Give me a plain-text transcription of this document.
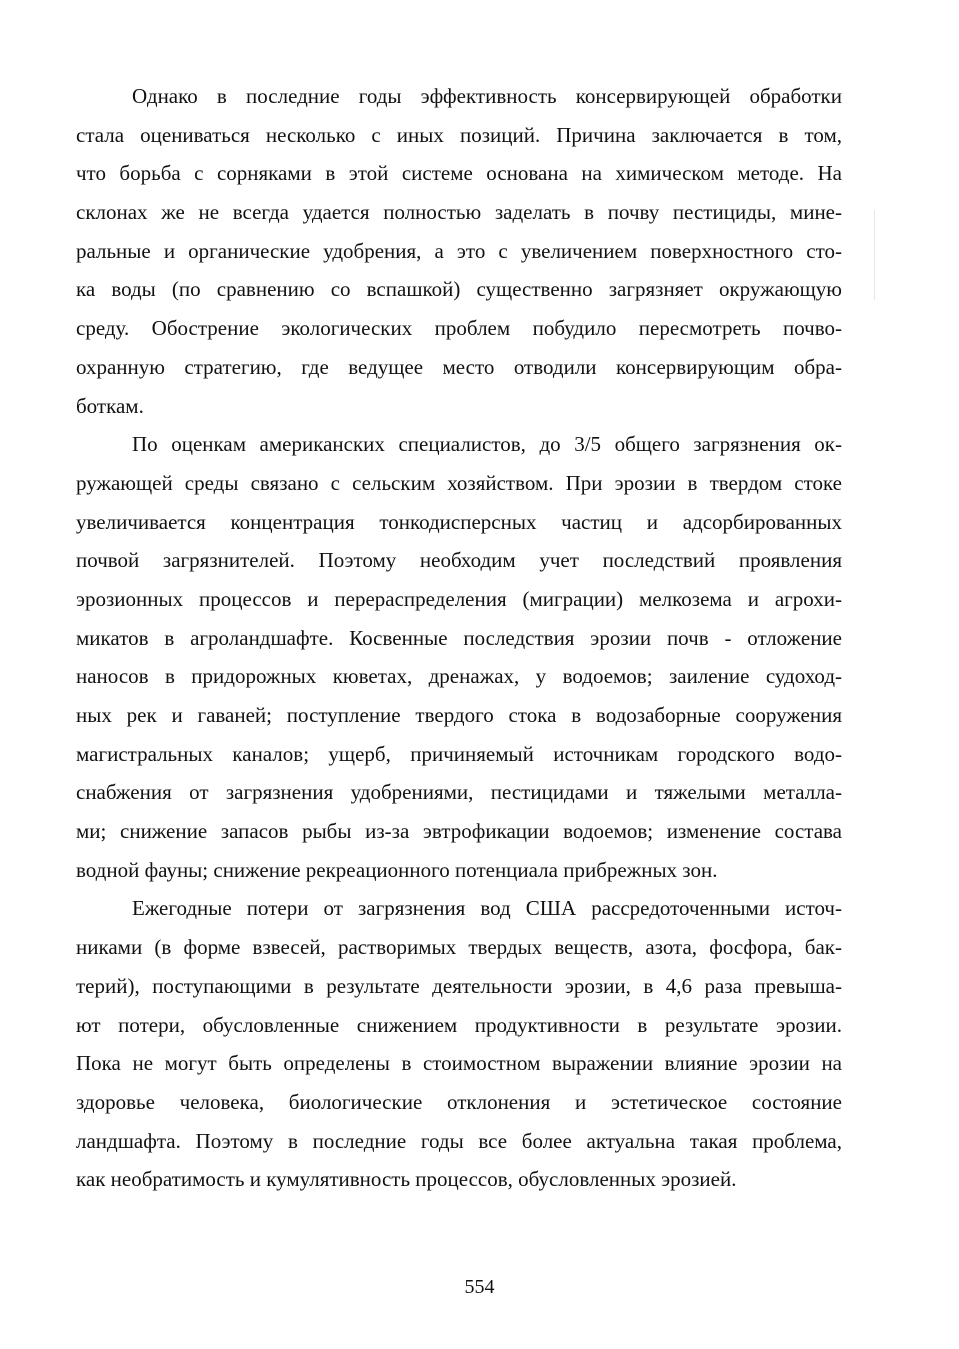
Однако в последние годы эффективность консервирующей обработки
стала оцениваться несколько с иных позиций. Причина заключается в том,
что борьба с сорняками в этой системе основана на химическом методе. На
склонах же не всегда удается полностью заделать в почву пестициды, мине-
ральные и органические удобрения, а это с увеличением поверхностного сто-
ка воды (по сравнению со вспашкой) существенно загрязняет окружающую
среду. Обострение экологических проблем побудило пересмотреть почво-
охранную стратегию, где ведущее место отводили консервирующим обра-
боткам.
По оценкам американских специалистов, до 3/5 общего загрязнения ок-
ружающей среды связано с сельским хозяйством. При эрозии в твердом стоке
увеличивается концентрация тонкодисперсных частиц и адсорбированных
почвой загрязнителей. Поэтому необходим учет последствий проявления
эрозионных процессов и перераспределения (миграции) мелкозема и агрохи-
микатов в агроландшафте. Косвенные последствия эрозии почв - отложение
наносов в придорожных кюветах, дренажах, у водоемов; заиление судоход-
ных рек и гаваней; поступление твердого стока в водозаборные сооружения
магистральных каналов; ущерб, причиняемый источникам городского водо-
снабжения от загрязнения удобрениями, пестицидами и тяжелыми металла-
ми; снижение запасов рыбы из-за эвтрофикации водоемов; изменение состава
водной фауны; снижение рекреационного потенциала прибрежных зон.
Ежегодные потери от загрязнения вод США рассредоточенными источ-
никами (в форме взвесей, растворимых твердых веществ, азота, фосфора, бак-
терий), поступающими в результате деятельности эрозии, в 4,6 раза превыша-
ют потери, обусловленные снижением продуктивности в результате эрозии.
Пока не могут быть определены в стоимостном выражении влияние эрозии на
здоровье человека, биологические отклонения и эстетическое состояние
ландшафта. Поэтому в последние годы все более актуальна такая проблема,
как необратимость и кумулятивность процессов, обусловленных эрозией.
554
